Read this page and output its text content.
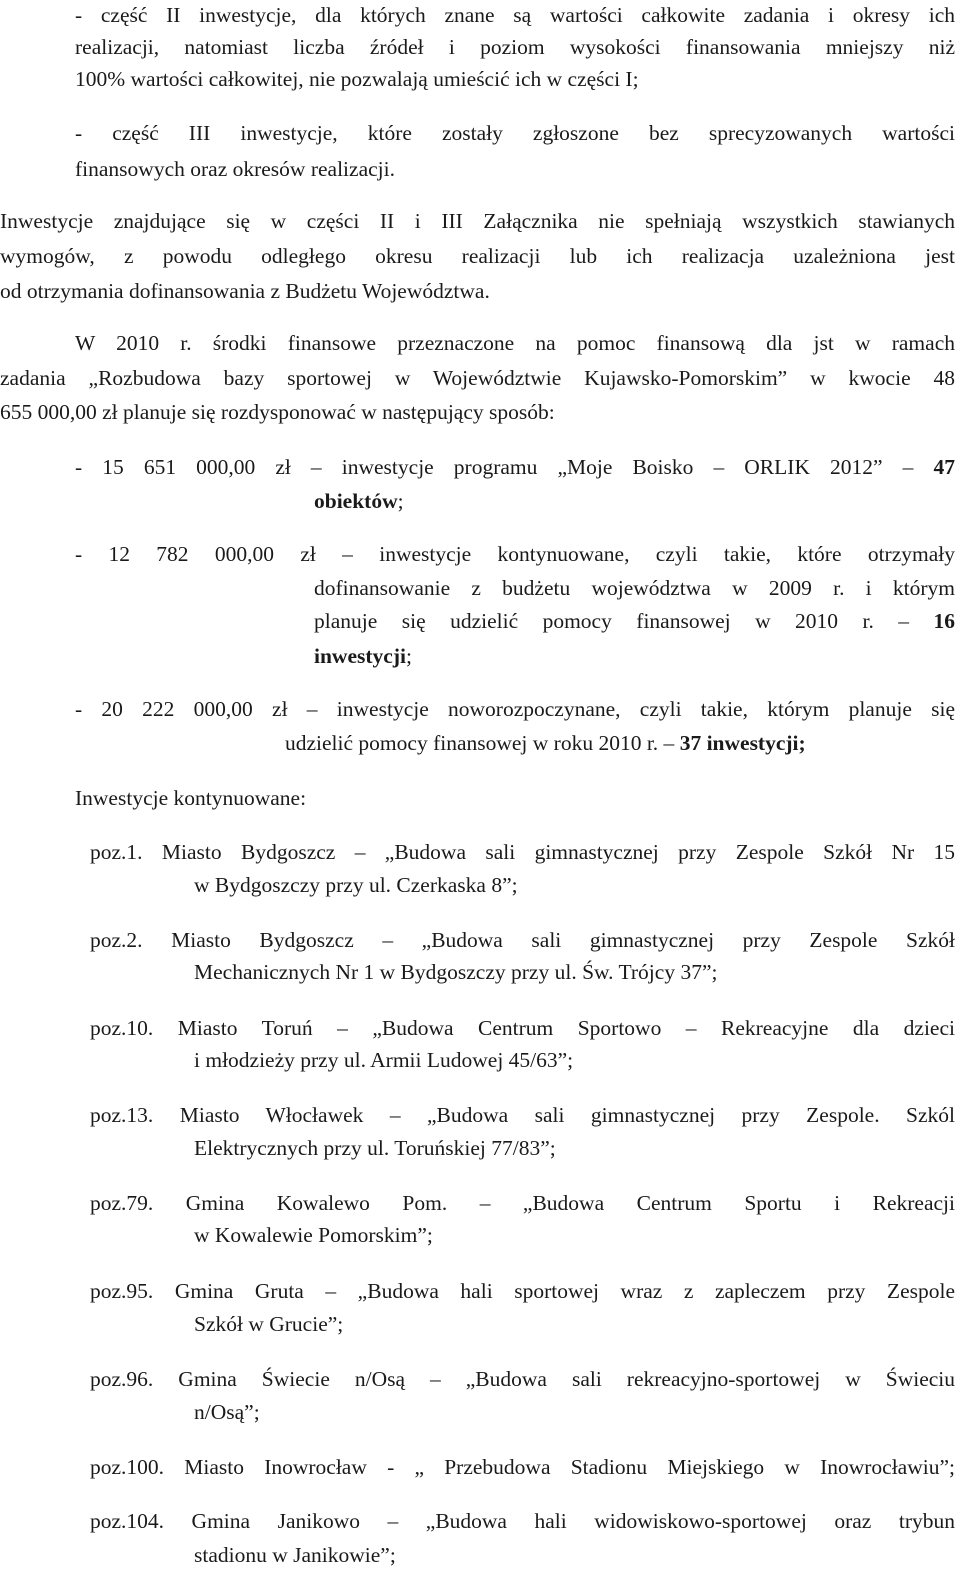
- część II inwestycje, dla których znane są wartości całkowite zadania i okresy ich
realizacji, natomiast liczba źródeł i poziom wysokości finansowania mniejszy niż
100% wartości całkowitej, nie pozwalają umieścić ich w części I;
- część III inwestycje, które zostały zgłoszone bez sprecyzowanych wartości
finansowych oraz okresów realizacji.
Inwestycje znajdujące się w części II i III Załącznika nie spełniają wszystkich stawianych
wymogów, z powodu odległego okresu realizacji lub ich realizacja uzależniona jest
od otrzymania dofinansowania z Budżetu Województwa.
W 2010 r. środki finansowe przeznaczone na pomoc finansową dla jst w ramach
zadania „Rozbudowa bazy sportowej w Województwie Kujawsko-Pomorskim” w kwocie 48
655 000,00 zł planuje się rozdysponować w następujący sposób:
- 15 651 000,00 zł – inwestycje programu „Moje Boisko – ORLIK 2012” – 47
obiektów;
- 12 782 000,00 zł – inwestycje kontynuowane, czyli takie, które otrzymały
dofinansowanie z budżetu województwa w 2009 r. i którym
planuje się udzielić pomocy finansowej w 2010 r. – 16
inwestycji;
- 20 222 000,00 zł – inwestycje noworozpoczynane, czyli takie, którym planuje się
udzielić pomocy finansowej w roku 2010 r. – 37 inwestycji;
Inwestycje kontynuowane:
poz.1. Miasto Bydgoszcz – „Budowa sali gimnastycznej przy Zespole Szkół Nr 15
w Bydgoszczy przy ul. Czerkaska 8”;
poz.2. Miasto Bydgoszcz – „Budowa sali gimnastycznej przy Zespole Szkół
Mechanicznych Nr 1 w Bydgoszczy przy ul. Św. Trójcy 37”;
poz.10. Miasto Toruń – „Budowa Centrum Sportowo – Rekreacyjne dla dzieci
i młodzieży przy ul. Armii Ludowej 45/63”;
poz.13. Miasto Włocławek – „Budowa sali gimnastycznej przy Zespole. Szkól
Elektrycznych przy ul. Toruńskiej 77/83”;
poz.79. Gmina Kowalewo Pom. – „Budowa Centrum Sportu i Rekreacji
w Kowalewie Pomorskim”;
poz.95. Gmina Gruta – „Budowa hali sportowej wraz z zapleczem przy Zespole
Szkół w Grucie”;
poz.96. Gmina Świecie n/Osą – „Budowa sali rekreacyjno-sportowej w Świeciu
n/Osą”;
poz.100. Miasto Inowrocław - „ Przebudowa Stadionu Miejskiego w Inowrocławiu”;
poz.104. Gmina Janikowo – „Budowa hali widowiskowo-sportowej oraz trybun
stadionu w Janikowie”;
